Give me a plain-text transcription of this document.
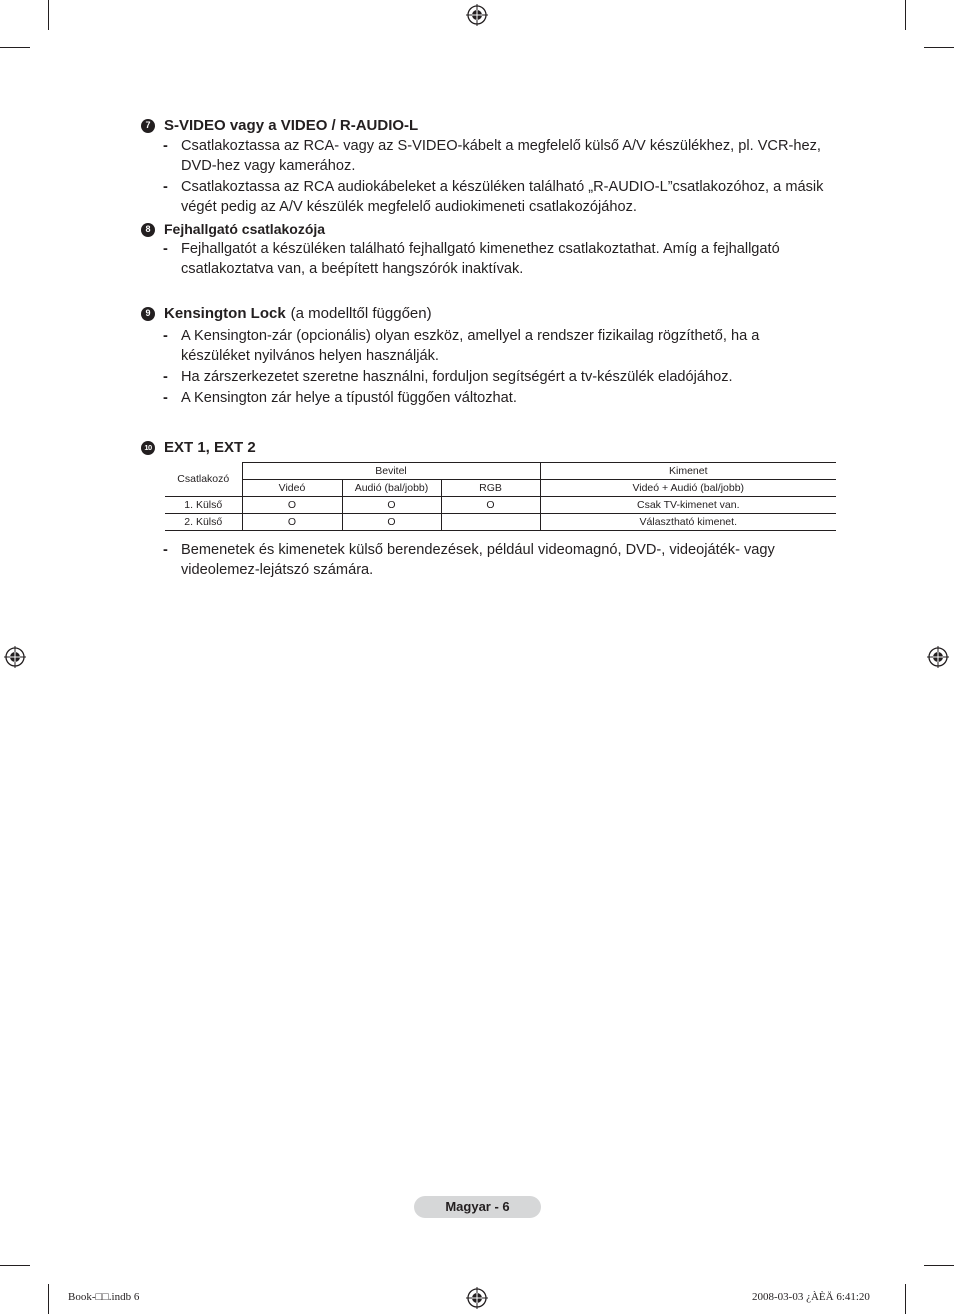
7 S-VIDEO vagy a VIDEO / R-AUDIO-L
- Csatlakoztassa az RCA- vagy az S-VIDEO-kábelt a megfelelő külső A/V készülékhez, pl. VCR-hez,
DVD-hez vagy kamerához.
- Csatlakoztassa az RCA audiokábeleket a készüléken található „R-AUDIO-L”csatlakozóhoz, a másik
végét pedig az A/V készülék megfelelő audiokimeneti csatlakozójához.
8 Fejhallgató csatlakozója
- Fejhallgatót a készüléken található fejhallgató kimenethez csatlakoztathat. Amíg a fejhallgató
csatlakoztatva van, a beépített hangszórók inaktívak.
9 Kensington Lock (a modelltől függően)
- A Kensington-zár (opcionális) olyan eszköz, amellyel a rendszer fizikailag rögzíthető, ha a
készüléket nyilvános helyen használják.
- Ha zárszerkezetet szeretne használni, forduljon segítségért a tv-készülék eladójához.
- A Kensington zár helye a típustól függően változhat.
10 EXT 1, EXT 2
Csatlakozó	Bevitel			Kimenet
	Videó	Audió (bal/jobb)	RGB	Videó + Audió (bal/jobb)
1. Külső	O	O	O	Csak TV-kimenet van.
2. Külső	O	O		Választható kimenet.
- Bemenetek és kimenetek külső berendezések, például videomagnó, DVD-, videojáték- vagy
videolemez-lejátszó számára.
Magyar - 6
Book-□□.indb 6	2008-03-03 ¿ÀÈÄ 6:41:20
